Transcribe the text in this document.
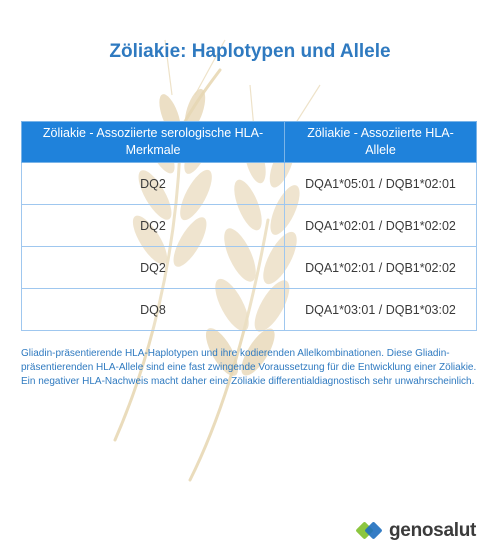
Zöliakie: Haplotypen und Allele
Zöliakie - Assoziierte serologische HLA-Merkmale	Zöliakie - Assoziierte HLA-Allele
DQ2	DQA1*05:01 / DQB1*02:01
DQ2	DQA1*02:01 / DQB1*02:02
DQ2	DQA1*02:01 / DQB1*02:02
DQ8	DQA1*03:01 / DQB1*03:02
Gliadin-präsentierende HLA-Haplotypen und ihre kodierenden Allelkombinationen. Diese Gliadin-präsentierenden HLA-Allele sind eine fast zwingende Voraussetzung für die Entwicklung einer Zöliakie. Ein negativer HLA-Nachweis macht daher eine Zöliakie differentialdiagnostisch sehr unwahrscheinlich.
genosalut
